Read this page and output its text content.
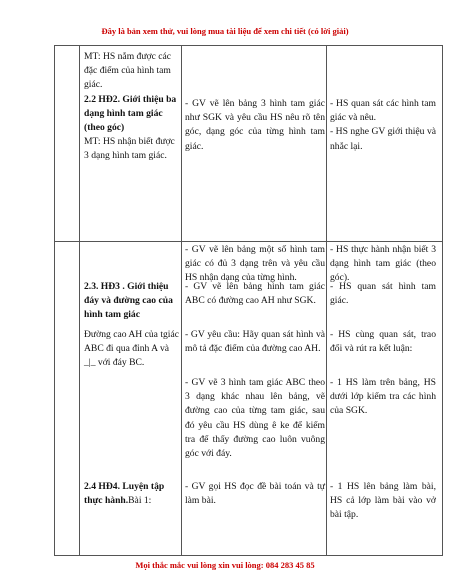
Đây là bản xem thử, vui lòng mua tài liệu để xem chi tiết (có lời giải)

MT: HS nắm được các đặc điểm của hình tam giác.

2.2 HĐ2. Giới thiệu ba dạng hình tam giác (theo góc)

MT: HS nhận biết được 3 dạng hình tam giác.

- GV vẽ lên bảng 3 hình tam giác như SGK và yêu cầu HS nêu rõ tên góc, dạng góc của từng hình tam giác.

- HS quan sát các hình tam giác và nêu.

- HS nghe GV giới thiệu và nhắc lại.

- GV vẽ lên bảng một số hình tam giác có đủ 3 dạng trên và yêu cầu HS nhận dạng của từng hình.
- HS thực hành nhận biết 3 dạng hình tam giác (theo góc).
2.3. HĐ3 . Giới thiệu đáy và đường cao của hình tam giác
- GV vẽ lên bảng hình tam giác ABC có đường cao AH như SGK.
- HS quan sát hình tam giác.
Đường cao AH của tgiác ABC đi qua đỉnh A và _|_ với đáy BC.
- GV yêu cầu: Hãy quan sát hình và mô tả đặc điểm của đường cao AH.
- HS cùng quan sát, trao đổi và rút ra kết luận:
- GV vẽ 3 hình tam giác ABC theo 3 dạng khác nhau lên bảng, vẽ đường cao của từng tam giác, sau đó yêu cầu HS dùng ê ke để kiểm tra để thấy đường cao luôn vuông góc với đáy.
- 1 HS làm trên bảng, HS dưới lớp kiểm tra các hình của SGK.
2.4 HĐ4. Luyện tập thực hành.Bài 1:
- GV gọi HS đọc đề bài toán và tự làm bài.
- 1 HS lên bảng làm bài, HS cả lớp làm bài vào vở bài tập.
Mọi thắc mắc vui lòng xin vui lòng: 084 283 45 85
